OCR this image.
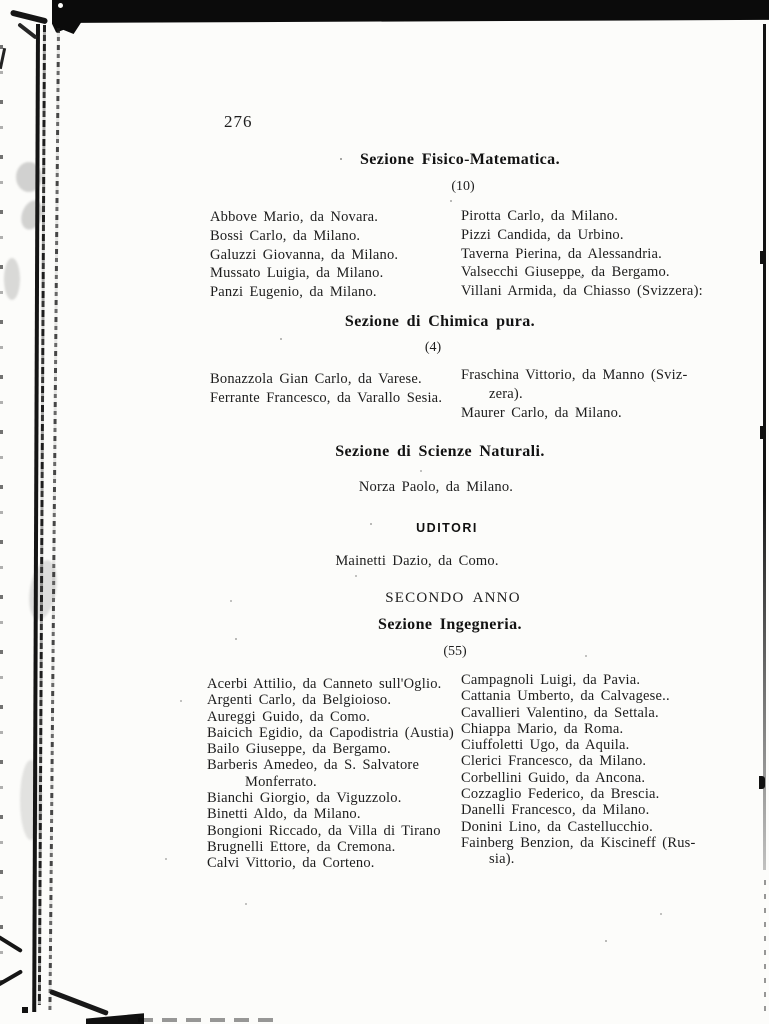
276
Sezione Fisico-Matematica.
(10)
Sezione di Chimica pura.
(4)
Sezione di Scienze Naturali.
Norza Paolo, da Milano.
UDITORI
Mainetti Dazio, da Como.
SECONDO ANNO
Sezione Ingegneria.
(55)
Abbove Mario, da Novara.
Bossi Carlo, da Milano.
Galuzzi Giovanna, da Milano.
Mussato Luigia, da Milano.
Panzi Eugenio, da Milano.
Pirotta Carlo, da Milano.
Pizzi Candida, da Urbino.
Taverna Pierina, da Alessandria.
Valsecchi Giuseppe, da Bergamo.
Villani Armida, da Chiasso (Svizzera):
Bonazzola Gian Carlo, da Varese.
Ferrante Francesco, da Varallo Sesia.
Fraschina Vittorio, da Manno (Sviz-
zera).
Maurer Carlo, da Milano.
Acerbi Attilio, da Canneto sull'Oglio.
Argenti Carlo, da Belgioioso.
Aureggi Guido, da Como.
Baicich Egidio, da Capodistria (Austia)
Bailo Giuseppe, da Bergamo.
Barberis Amedeo, da S. Salvatore
Monferrato.
Bianchi Giorgio, da Viguzzolo.
Binetti Aldo, da Milano.
Bongioni Riccado, da Villa di Tirano
Brugnelli Ettore, da Cremona.
Calvi Vittorio, da Corteno.
Campagnoli Luigi, da Pavia.
Cattania Umberto, da Calvagese..
Cavallieri Valentino, da Settala.
Chiappa Mario, da Roma.
Ciuffoletti Ugo, da Aquila.
Clerici Francesco, da Milano.
Corbellini Guido, da Ancona.
Cozzaglio Federico, da Brescia.
Danelli Francesco, da Milano.
Donini Lino, da Castellucchio.
Fainberg Benzion, da Kiscineff (Rus-
sia).
